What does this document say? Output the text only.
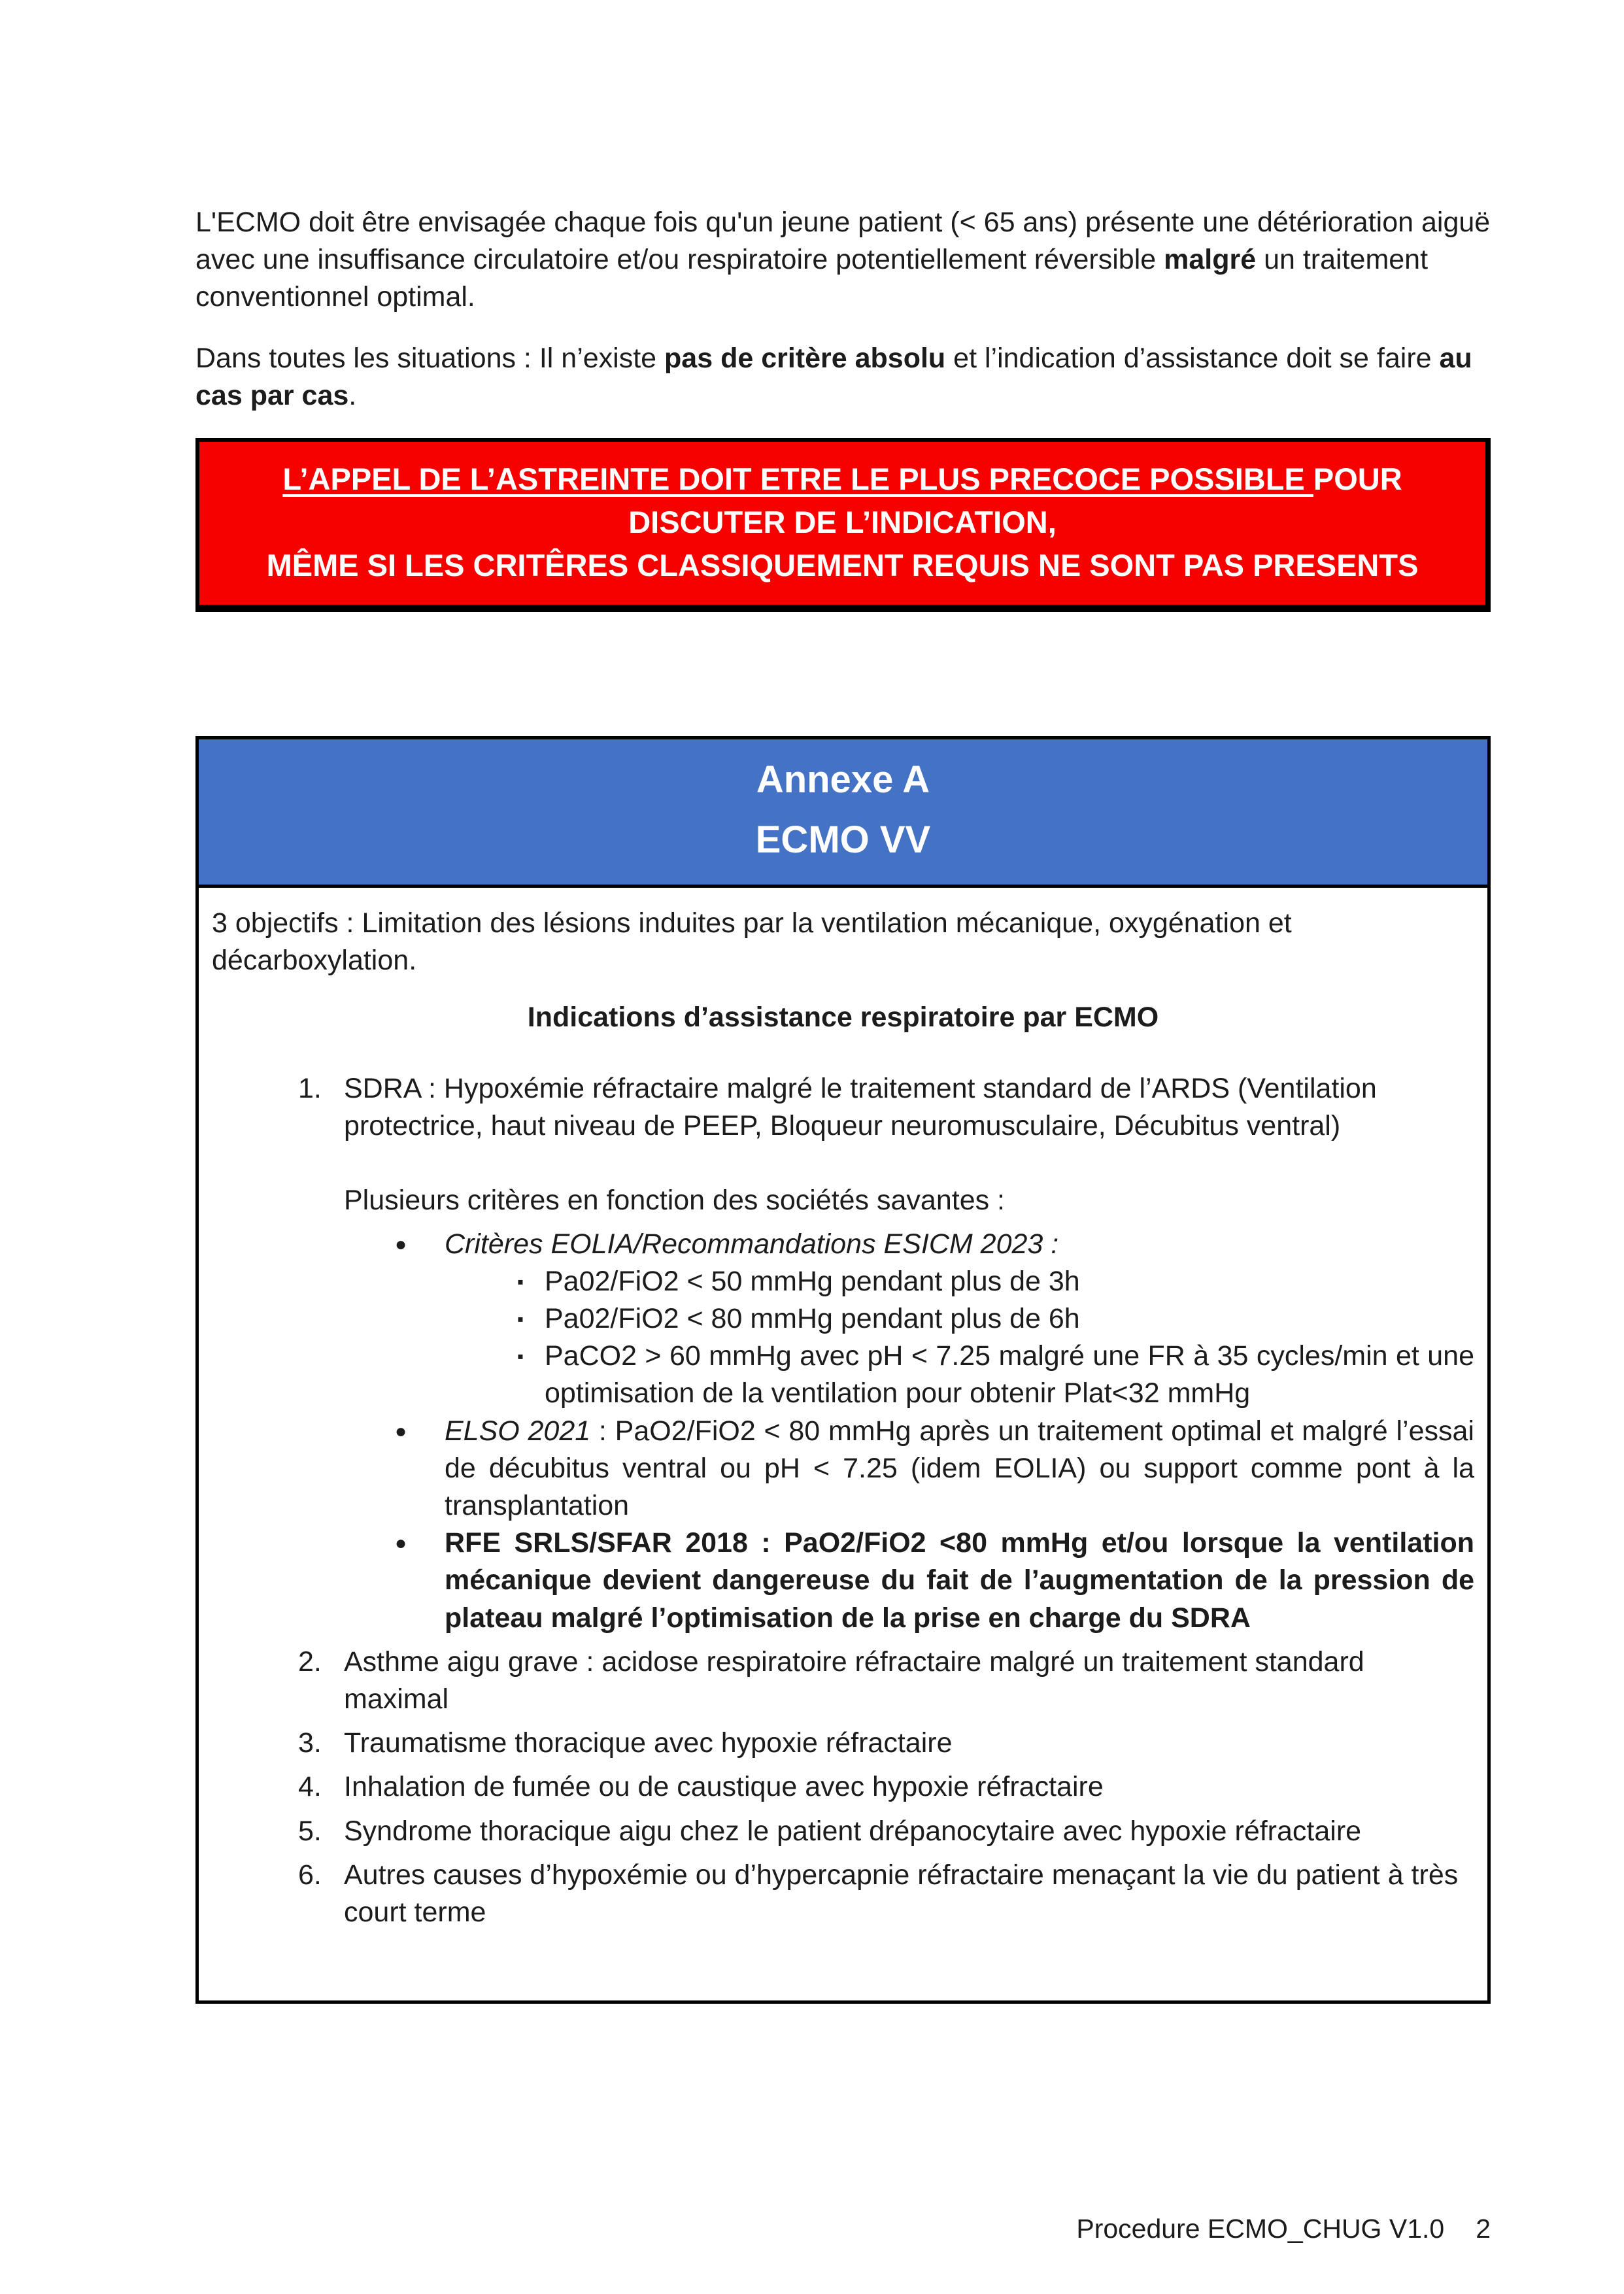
L'ECMO doit être envisagée chaque fois qu'un jeune patient (< 65 ans) présente une détérioration aiguë avec une insuffisance circulatoire et/ou respiratoire potentiellement réversible malgré un traitement conventionnel optimal.

Dans toutes les situations : Il n’existe pas de critère absolu et l’indication d’assistance doit se faire au cas par cas.

L’APPEL DE L’ASTREINTE DOIT ETRE LE PLUS PRECOCE POSSIBLE POUR
DISCUTER DE L’INDICATION,
MÊME SI LES CRITÊRES CLASSIQUEMENT REQUIS NE SONT PAS PRESENTS
Annexe A
ECMO VV

3 objectifs : Limitation des lésions induites par la ventilation mécanique, oxygénation et décarboxylation.

Indications d’assistance respiratoire par ECMO

1. SDRA : Hypoxémie réfractaire malgré le traitement standard de l’ARDS (Ventilation protectrice, haut niveau de PEEP, Bloqueur neuromusculaire, Décubitus ventral)
Plusieurs critères en fonction des sociétés savantes :
●	Critères EOLIA/Recommandations ESICM 2023 :
▪ Pa02/FiO2 < 50 mmHg pendant plus de 3h
▪ Pa02/FiO2 < 80 mmHg pendant plus de 6h
▪ PaCO2 > 60 mmHg avec pH < 7.25 malgré une FR à 35 cycles/min et une optimisation de la ventilation pour obtenir Plat<32 mmHg
●	ELSO 2021 : PaO2/FiO2 < 80 mmHg après un traitement optimal et malgré l’essai de décubitus ventral ou pH < 7.25 (idem EOLIA) ou support comme pont à la transplantation
●	RFE SRLS/SFAR 2018 : PaO2/FiO2 <80 mmHg et/ou lorsque la ventilation mécanique devient dangereuse du fait de l’augmentation de la pression de plateau malgré l’optimisation de la prise en charge du SDRA
2. Asthme aigu grave : acidose respiratoire réfractaire malgré un traitement standard maximal
3. Traumatisme thoracique avec hypoxie réfractaire
4. Inhalation de fumée ou de caustique avec hypoxie réfractaire
5. Syndrome thoracique aigu chez le patient drépanocytaire avec hypoxie réfractaire
6. Autres causes d’hypoxémie ou d’hypercapnie réfractaire menaçant la vie du patient à très court terme
Procedure ECMO_CHUG V1.0 2
